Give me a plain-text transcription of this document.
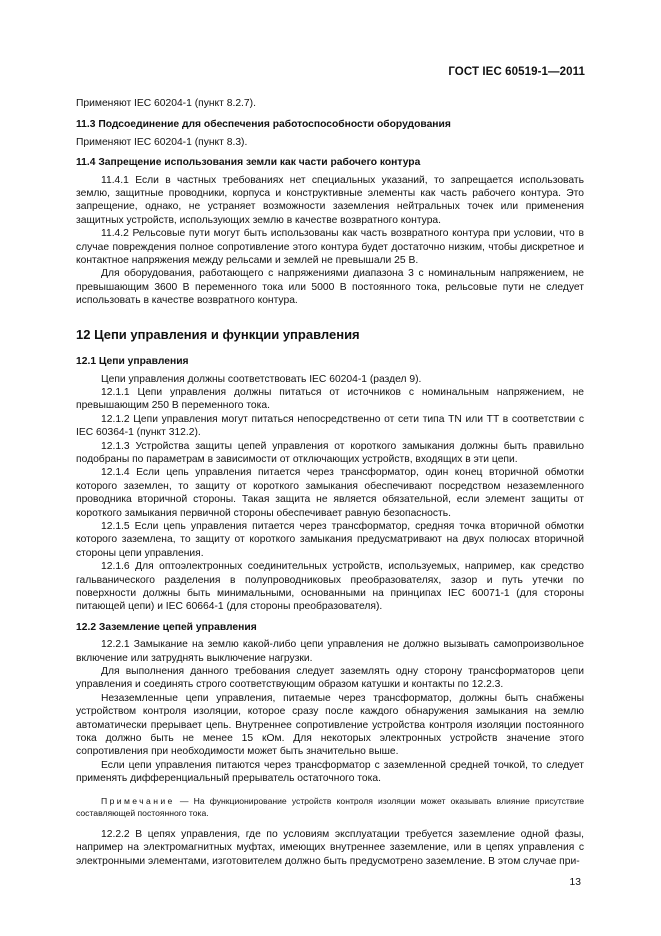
ГОСТ IEC 60519-1—2011

Применяют IEC 60204-1 (пункт 8.2.7).

11.3 Подсоединение для обеспечения работоспособности оборудования

Применяют IEC 60204-1 (пункт 8.3).

11.4 Запрещение использования земли как части рабочего контура

11.4.1 Если в частных требованиях нет специальных указаний, то запрещается использовать землю, защитные проводники, корпуса и конструктивные элементы как часть рабочего контура. Это запрещение, однако, не устраняет возможности заземления нейтральных точек или применения защитных устройств, использующих землю в качестве возвратного контура.

11.4.2 Рельсовые пути могут быть использованы как часть возвратного контура при условии, что в случае повреждения полное сопротивление этого контура будет достаточно низким, чтобы дискретное и контактное напряжения между рельсами и землей не превышали 25 В.

Для оборудования, работающего с напряжениями диапазона 3 с номинальным напряжением, не превышающим 3600 В переменного тока или 5000 В постоянного тока, рельсовые пути не следует использовать в качестве возвратного контура.

12 Цепи управления и функции управления
12.1 Цепи управления

Цепи управления должны соответствовать IEC 60204-1 (раздел 9).

12.1.1 Цепи управления должны питаться от источников с номинальным напряжением, не превышающим 250 В переменного тока.

12.1.2 Цепи управления могут питаться непосредственно от сети типа TN или TT в соответствии с IEC 60364-1 (пункт 312.2).

12.1.3 Устройства защиты цепей управления от короткого замыкания должны быть правильно подобраны по параметрам в зависимости от отключающих устройств, входящих в эти цепи.

12.1.4 Если цепь управления питается через трансформатор, один конец вторичной обмотки которого заземлен, то защиту от короткого замыкания обеспечивают посредством незаземленного проводника вторичной стороны. Такая защита не является обязательной, если элемент защиты от короткого замыкания первичной стороны обеспечивает равную безопасность.

12.1.5 Если цепь управления питается через трансформатор, средняя точка вторичной обмотки которого заземлена, то защиту от короткого замыкания предусматривают на двух полюсах вторичной стороны цепи управления.

12.1.6 Для оптоэлектронных соединительных устройств, используемых, например, как средство гальванического разделения в полупроводниковых преобразователях, зазор и путь утечки по поверхности должны быть минимальными, основанными на принципах IEC 60071-1 (для стороны питающей цепи) и IEC 60664-1 (для стороны преобразователя).

12.2 Заземление цепей управления

12.2.1 Замыкание на землю какой-либо цепи управления не должно вызывать самопроизвольное включение или затруднять выключение нагрузки.

Для выполнения данного требования следует заземлять одну сторону трансформаторов цепи управления и соединять строго соответствующим образом катушки и контакты по 12.2.3.

Незаземленные цепи управления, питаемые через трансформатор, должны быть снабжены устройством контроля изоляции, которое сразу после каждого обнаружения замыкания на землю автоматически прерывает цепь. Внутреннее сопротивление устройства контроля изоляции постоянного тока должно быть не менее 15 кОм. Для некоторых электронных устройств значение этого сопротивления при необходимости может быть значительно выше.

Если цепи управления питаются через трансформатор с заземленной средней точкой, то следует применять дифференциальный прерыватель остаточного тока.

Примечание — На функционирование устройств контроля изоляции может оказывать влияние присутствие составляющей постоянного тока.

12.2.2 В цепях управления, где по условиям эксплуатации требуется заземление одной фазы, например на электромагнитных муфтах, имеющих внутреннее заземление, или в цепях управления с электронными элементами, изготовителем должно быть предусмотрено заземление. В этом случае при-

13
